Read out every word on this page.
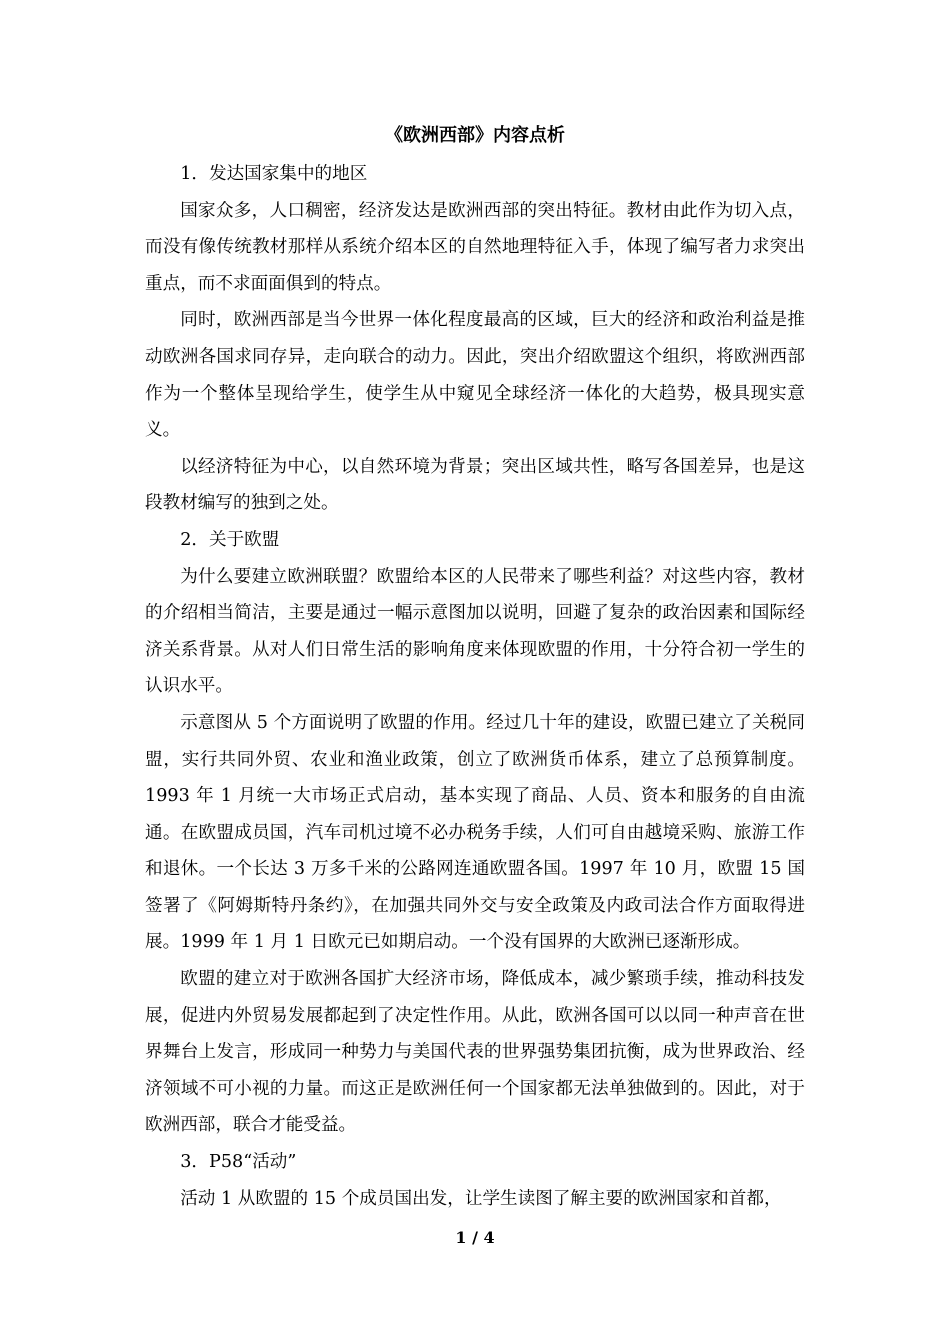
《欧洲西部》内容点析

1．发达国家集中的地区

国家众多，人口稠密，经济发达是欧洲西部的突出特征。教材由此作为切入点，而没有像传统教材那样从系统介绍本区的自然地理特征入手，体现了编写者力求突出重点，而不求面面俱到的特点。

同时，欧洲西部是当今世界一体化程度最高的区域，巨大的经济和政治利益是推动欧洲各国求同存异，走向联合的动力。因此，突出介绍欧盟这个组织，将欧洲西部作为一个整体呈现给学生，使学生从中窥见全球经济一体化的大趋势，极具现实意义。

以经济特征为中心，以自然环境为背景；突出区域共性，略写各国差异，也是这段教材编写的独到之处。

2．关于欧盟

为什么要建立欧洲联盟？欧盟给本区的人民带来了哪些利益？对这些内容，教材的介绍相当简洁，主要是通过一幅示意图加以说明，回避了复杂的政治因素和国际经济关系背景。从对人们日常生活的影响角度来体现欧盟的作用，十分符合初一学生的认识水平。

示意图从 5 个方面说明了欧盟的作用。经过几十年的建设，欧盟已建立了关税同盟，实行共同外贸、农业和渔业政策，创立了欧洲货币体系，建立了总预算制度。1993 年 1 月统一大市场正式启动，基本实现了商品、人员、资本和服务的自由流通。在欧盟成员国，汽车司机过境不必办税务手续，人们可自由越境采购、旅游工作和退休。一个长达 3 万多千米的公路网连通欧盟各国。1997 年 10 月，欧盟 15 国签署了《阿姆斯特丹条约》，在加强共同外交与安全政策及内政司法合作方面取得进展。1999 年 1 月 1 日欧元已如期启动。一个没有国界的大欧洲已逐渐形成。

欧盟的建立对于欧洲各国扩大经济市场，降低成本，减少繁琐手续，推动科技发展，促进内外贸易发展都起到了决定性作用。从此，欧洲各国可以以同一种声音在世界舞台上发言，形成同一种势力与美国代表的世界强势集团抗衡，成为世界政治、经济领域不可小视的力量。而这正是欧洲任何一个国家都无法单独做到的。因此，对于欧洲西部，联合才能受益。

3．P58“活动”

活动 1 从欧盟的 15 个成员国出发，让学生读图了解主要的欧洲国家和首都，

1 / 4
